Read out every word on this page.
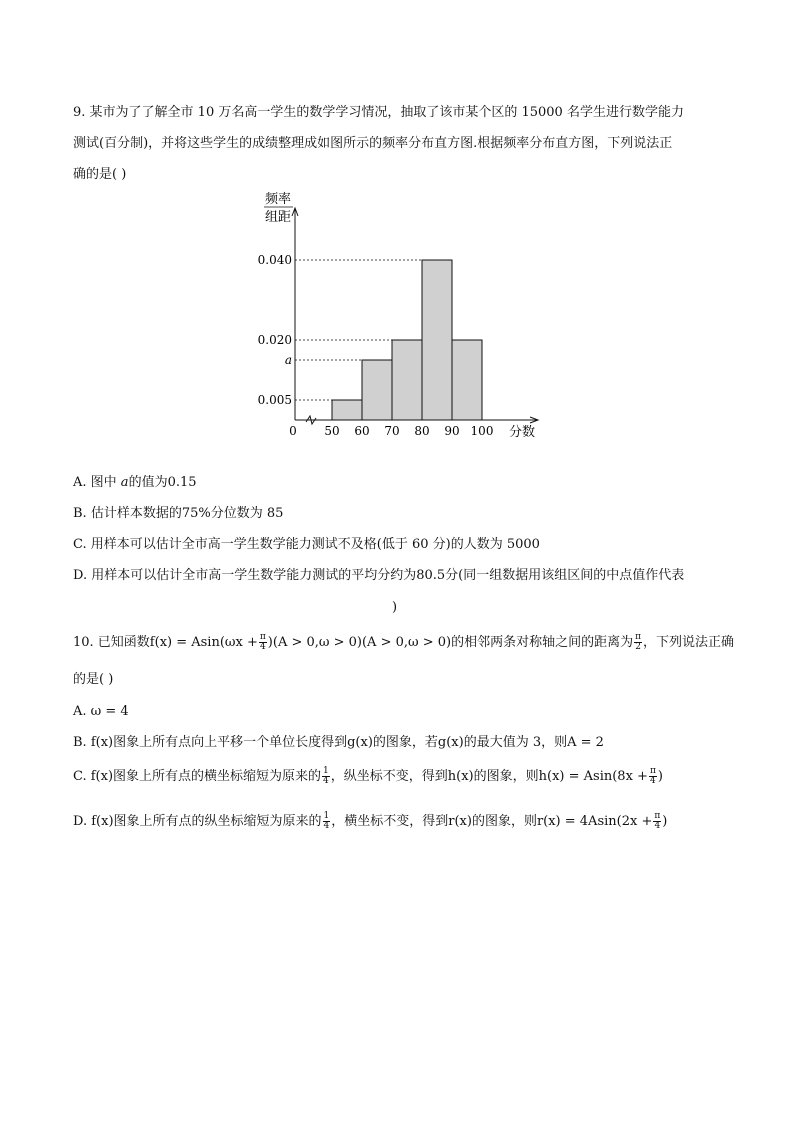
9. 某市为了了解全市 10 万名高一学生的数学学习情况，抽取了该市某个区的 15000 名学生进行数学能力
测试(百分制)，并将这些学生的成绩整理成如图所示的频率分布直方图.根据频率分布直方图，下列说法正
确的是( )
0.005
a
0.020
0.040
50 60 70 80 90 100
0	分数
频率
组距
A. 图中 a的值为0.15
B. 估计样本数据的75%分位数为 85
C. 用样本可以估计全市高一学生数学能力测试不及格(低于 60 分)的人数为 5000
D. 用样本可以估计全市高一学生数学能力测试的平均分约为80.5分(同一组数据用该组区间的中点值作代表
)
10. 已知函数$f(x) = Asin(\omega x + \frac{\pi}{4} )(A > 0,\omega > 0)(A > 0,\omega > 0)$的相邻两条对称轴之间的距离为 $\frac{\pi}{2}$ ，下列说法正确
的是( )
A. ω = 4
B. f(x)图象上所有点向上平移一个单位长度得到g(x)的图象，若g(x)的最大值为 3，则A = 2
C. f(x)图象上所有点的横坐标缩短为原来的 $\frac{1}{4}$ ，纵坐标不变，得到h(x)的图象，则$h(x) = Asin(8x + \frac{\pi}{4}$ )
D. f(x)图象上所有点的纵坐标缩短为原来的 $\frac{1}{4}$ ，横坐标不变，得到r(x)的图象，则$r(x) = 4Asin(2x + \frac{\pi}{4}$ )
